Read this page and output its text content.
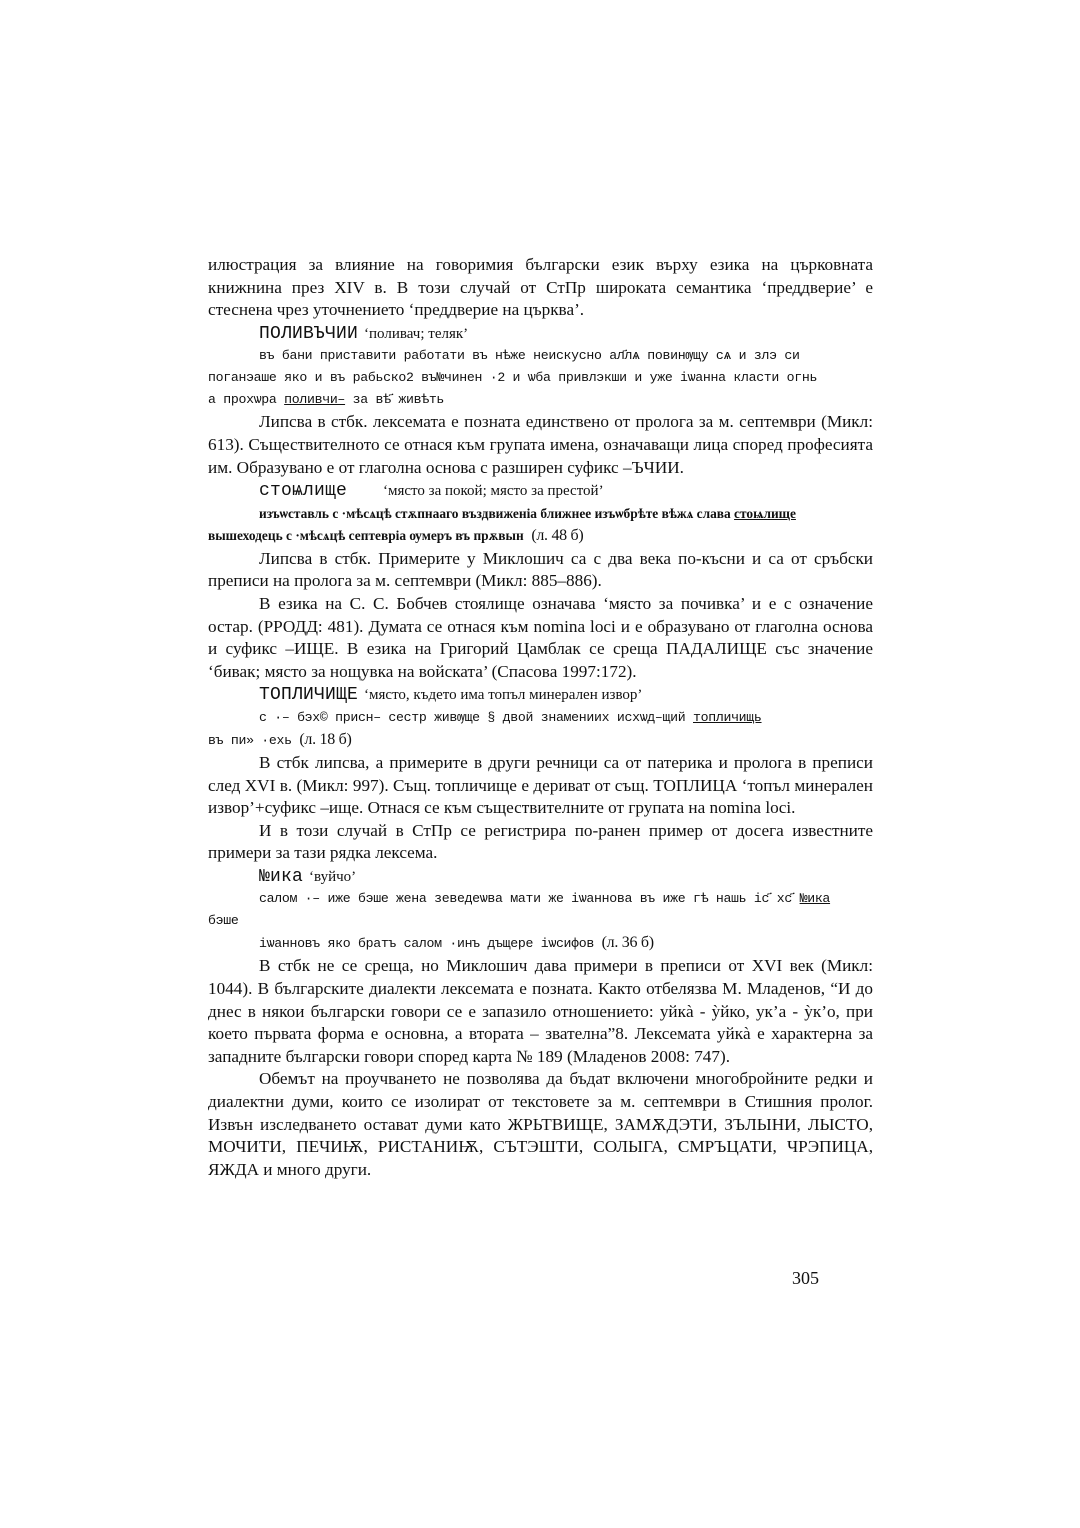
илюстрация за влияние на говоримия български език върху езика на църковната книжнина през XIV в. В този случай от СтПр широката семантика ‘преддверие’ е стеснена чрез уточнението ‘преддверие на църква’.

ПОЛИВЪЧИИ ‘поливач; теляк’

въ бани приставити работати въ нѣже неискусно ал҃лѧ повинѹщу сѧ и злэ си

поганэаше яко и въ рабьско2 въ№чинен ·2 и ѡба привлэкши и уже іѡанна класти огнь

а прохѡра поливчи– за вѣ҃ живѣть

Липсва в стбк. лексемата е позната единствено от пролога за м. септември (Микл: 613). Съществителното се отнася към групата имена, означаващи лица според професията им. Образувано е от глаголна основа с разширен суфикс –ЪЧИИ.

стоѩлище ‘място за покой; място за престой’

изъѡставль с ·мѣсѧцѣ стѫпнааго въздвиженіа ближнее изъѡбрѣте вѣжѧ слава стоѩлище

вышеходець с ·мѣсѧцѣ септевріа ѹмеръ въ прѫвын (л. 48 б)

Липсва в стбк. Примерите у Миклошич са с два века по-късни и са от сръбски преписи на пролога за м. септември (Микл: 885–886).

В езика на С. С. Бобчев стоялище означава ‘място за почивка’ и е с означение остар. (РРОДД: 481). Думата се отнася към nomina loci и е образувано от глаголна основа и суфикс –ИЩЕ. В езика на Григорий Цамблак се среща ПАДАЛИЩЕ със значение ‘бивак; място за нощувка на войската’ (Спасова 1997:172).

ТОПЛИЧИЩЕ ‘място, където има топъл минерален извор’

с ·– бэх© присн– сестр живѹще § двой знамениих исхѡд–щий топличищь

въ пи» ·ехь (л. 18 б)

В стбк липсва, а примерите в други речници са от патерика и пролога в преписи след XVI в. (Микл: 997). Същ. топличище е дериват от същ. ТОПЛИЦА ‘топъл минерален извор’+суфикс –ище. Отнася се към съществителните от групата на nomina loci.

И в този случай в СтПр се регистрира по-ранен пример от досега известните примери за тази рядка лексема.

№ика ‘вуйчо’

салом ·– иже бэше жена зеведеѡва мати же іѡаннова въ иже гѣ нашь іс҃ хс҃ №ика

бэше

іѡанновъ яко братъ салом ·инъ дъщере іѡсифов (л. 36 б)

В стбк не се среща, но Миклошич дава примери в преписи от XVI век (Микл: 1044). В българските диалекти лексемата е позната. Както отбелязва М. Младенов, “И до днес в някои български говори се е запазило отношението: уйкà - ỳйко, ук’а - ỳк’о, при което първата форма е основна, а втората – звателна”8. Лексемата уйкà е характерна за западните български говори според карта № 189 (Младенов 2008: 747).

Обемът на проучването не позволява да бъдат включени многобройните редки и диалектни думи, които се изолират от текстовете за м. септември в Стишния пролог. Извън изследването остават думи като ЖРЬТВИЩЕ, ЗАМѪДЭТИ, ЗЪЛЫНИ, ЛЫСТО, МОЧИТИ, ПЕЧИѬ, РИСТАНИѬ, СЪТЭШТИ, СОЛЫГА, СМРЪЦАТИ, ЧРЭПИЦА, ЯЖДА и много други.

305
